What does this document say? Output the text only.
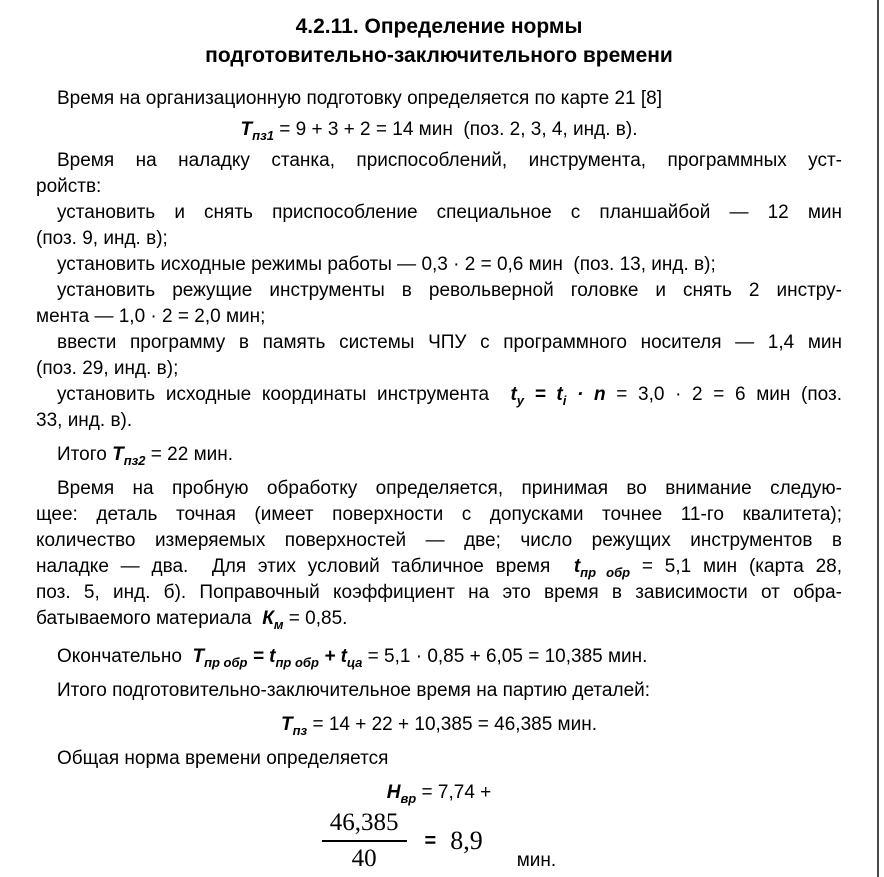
4.2.11. Определение нормы
подготовительно-заключительного времени
Время на организационную подготовку определяется по карте 21 [8]
$Т_{пз1} = 9 + 3 + 2 = 14$ мин  (поз. 2, 3, 4, инд. в).
Время на наладку станка, приспособлений, инструмента, программных уст-
ройств:
установить и снять приспособление специальное с планшайбой — 12 мин
(поз. 9, инд. в);
установить исходные режимы работы — 0,3 · 2 = 0,6 мин  (поз. 13, инд. в);
установить режущие инструменты в револьверной головке и снять 2 инстру-
мента — 1,0 · 2 = 2,0 мин;
ввести программу в память системы ЧПУ с программного носителя — 1,4 мин
(поз. 29, инд. в);
установить исходные координаты инструмента  $t_у = t_i \cdot n = 3,0 \cdot 2 = 6$ мин (поз.
33, инд. в).
Итого $Т_{пз2} = 22$ мин.
Время на пробную обработку определяется, принимая во внимание следую-
щее: деталь точная (имеет поверхности с допусками точнее 11-го квалитета);
количество измеряемых поверхностей — две; число режущих инструментов в
наладке — два.  Для этих условий табличное время  $t_{пр обр} = 5,1$ мин (карта 28,
поз. 5, инд. б). Поправочный коэффициент на это время в зависимости от обра-
батываемого материала  $К_м = 0,85$.
Окончательно  $Т_{пр обр} = t_{пр обр} + t_{ца} = 5,1 \cdot 0,85 + 6,05 = 10,385$ мин.
Итого подготовительно-заключительное время на партию деталей:
$Т_{пз} = 14 + 22 + 10,385 = 46,385$ мин.
Общая норма времени определяется
$Н_{вр} = 7,74$ +
$\frac{46,385}{40} = 8,9$
мин.
